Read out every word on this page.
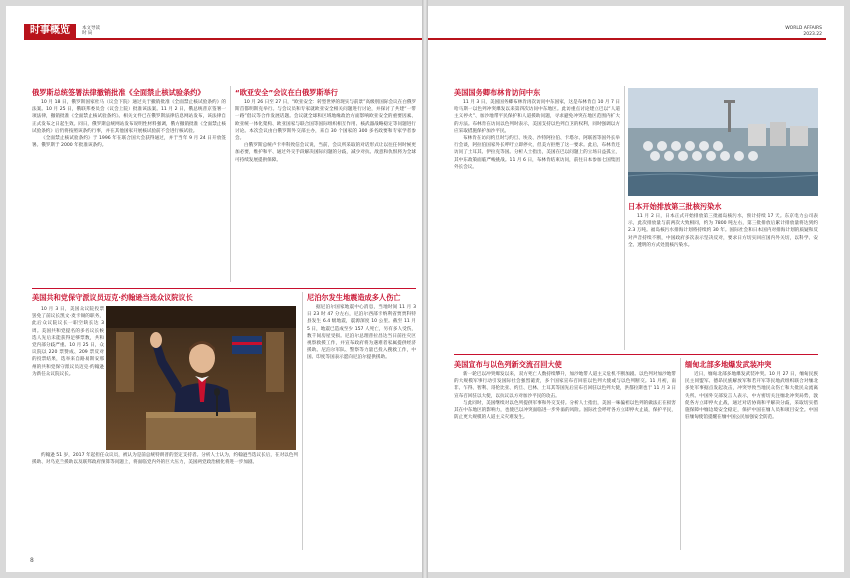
时事概览	本文导读
时 局
俄罗斯总统签署法律撤销批准《全面禁止核试验条约》

10 月 18 日，俄罗斯国家杜马（议会下院）通过关于撤销批准《全面禁止核试验条约》的法案。10 月 25 日，俄联邦委员会（议会上院）批准该法案。11 月 2 日，俄总统普京签署一项法律，撤销批准《全面禁止核试验条约》。相关文件已在俄罗斯法律信息网站发布，该法律自正式发布之日起生效。同日，俄罗斯总统网站发布说明性材料强调，俄方撤销批准《全面禁止核试验条约》后仍将按照该条约行事，并在其他国家开展核试验前不会进行核试验。

《全面禁止核试验条约》于 1996 年在联合国大会获得通过，并于当年 9 月 24 日开放签署。俄罗斯于 2000 年批准该条约。

“欧亚安全”会议在白俄罗斯举行

10 月 26 日至 27 日，“欧亚安全：转型世界的现实与前景”高级别国际会议在白俄罗斯首都明斯克举行。与会议员和专家就欧亚安全相关问题进行讨论，并探讨了共建“一带一路”倡议等合作发展话题。会议就全球和区域地缘政治方面影响欧亚安全的重要因素、欧亚统一体化架构、欧亚国家与联合国等国际组织相互作用、核武器战略稳定等问题进行讨论。本次会议由白俄罗斯外交部主办，来自 30 个国家的 300 多名政要和专家学者参会。

白俄罗斯总统卢卡申科致信会议说，当前，会议所采取的对话形式让以往任何时候更加必要，维护和平、通过外交手段解决国际问题的分歧，减少对抗、敌意和仇恨将为全球可持续发展提供保障。

美国共和党保守派议员迈克·约翰逊当选众议院议长

10 月 3 日，美国众议院投票罢免了前议长凯文·麦卡锡的职务，此后众议院议长一职空缺长达 3 周。美国共和党提名的多名议长候选人先后未能获得足够票数，共和党内部分歧严重。10 月 25 日，众议院以 220 票赞成、209 票反对的投票结果，选举来自路易斯安那州的共和党保守派议员迈克·约翰逊为新任众议院议长。

约翰逊 51 岁，2017 年起担任众议员，被认为是前总统特朗普的坚定支持者。分析人士认为，约翰逊当选议长后，在对以色列援助、对乌克兰援助以及联邦政府预算等问题上，将面临党内外的巨大压力，美国两党政治极化将进一步加剧。

尼泊尔发生地震造成多人伤亡

据尼泊尔国家地震中心消息，当地时间 11 月 3 日 23 时 47 分左右，尼泊尔西部卡纳利省贾贾科特县发生 6.4 级地震，震源深度 10 公里。截至 11 月 5 日，地震已造成至少 157 人死亡，另有多人受伤，数千间房屋受损。尼泊尔总理普拉昌达当日前往灾区视察救援工作，并宣布政府将为遇难者家属提供经济援助。尼泊尔军队、警察等力量已投入搜救工作，中国、印度等国表示愿向尼泊尔提供援助。

8
WORLD AFFAIRS
2023.22
美国国务卿布林肯访问中东

11 月 3 日，美国国务卿布林肯再次访问中东国家，这是布林肯自 10 月 7 日哈马斯一以色列冲突爆发以来第四次访问中东地区。此访重点讨论建立巴以“人道主义停火”、加沙地带平民保护和人道援助问题，寻求避免冲突在地区范围内扩大的方法。布林肯在访问以色列时表示，美国支持以色列自卫的权利，同时强调以方应采取措施保护加沙平民。

布林肯在访问约旦时与约旦、埃及、沙特阿拉伯、卡塔尔、阿联酋等国外长举行会谈，阿拉伯国家外长呼吁立即停火，但美方拒绝了这一要求。此后，布林肯还访问了土耳其、伊拉克等国。分析人士指出，美国在巴以问题上的立场日益孤立，其中东政策面临严峻挑战。11 月 6 日，布林肯结束访问，前往日本参加七国集团外长会议。

日本开始排放第三批核污染水

11 月 2 日，日本正式开始排放第三批福岛核污水，预计持续 17 天。东京电力公司表示，此次排放量与前两次大致相同，约为 7800 吨左右，第三批排放后累计排放量将达到约 2.3 万吨。福岛核污水排海计划将持续约 30 年。国际社会和日本国内对排海计划的质疑和反对声音持续不断，中国政府多次表示坚决反对，要求日方切实回应国内外关切，以科学、安全、透明的方式处置核污染水。

美国宣布与以色列新交流召回大使

新一轮巴以冲突爆发以来，双方死亡人数持续攀升，加沙地带人道主义危机不断加剧。以色列对加沙地带的大规模军事行动引发国际社会强烈谴责，多个国家宣布召回驻以色列大使或与以色列断交。11 月初，南非、乍得、智利、哥伦比亚、约旦、巴林、土耳其等国先后宣布召回驻以色列大使，洪都拉斯也于 11 月 3 日宣布召回驻以大使，以抗议以方对加沙平民的攻击。

与此同时，美国继续对以色列提供军事和外交支持。分析人士指出，美国一味偏袒以色列的做法正在损害其在中东地区的影响力，也使巴以冲突面临进一步外溢的风险。国际社会呼吁各方立即停火止战，保护平民，防止更大规模的人道主义灾难发生。

缅甸北部多地爆发武装冲突

近日，缅甸北部多地爆发武装冲突。10 月 27 日，缅甸民族民主同盟军、德昂民族解放军和若开军等民地武组织联合对缅北多处军事据点发起攻击，冲突导致当地民众伤亡和大批民众流离失所。中国外交部发言人表示，中方密切关注缅北冲突局势，敦促各方立即停火止战，通过对话协商和平解决分歧，采取切实措施保障中缅边境安全稳定，保护中国在缅人员和项目安全。中国驻缅甸使馆提醒在缅中国公民加强安全防范。
